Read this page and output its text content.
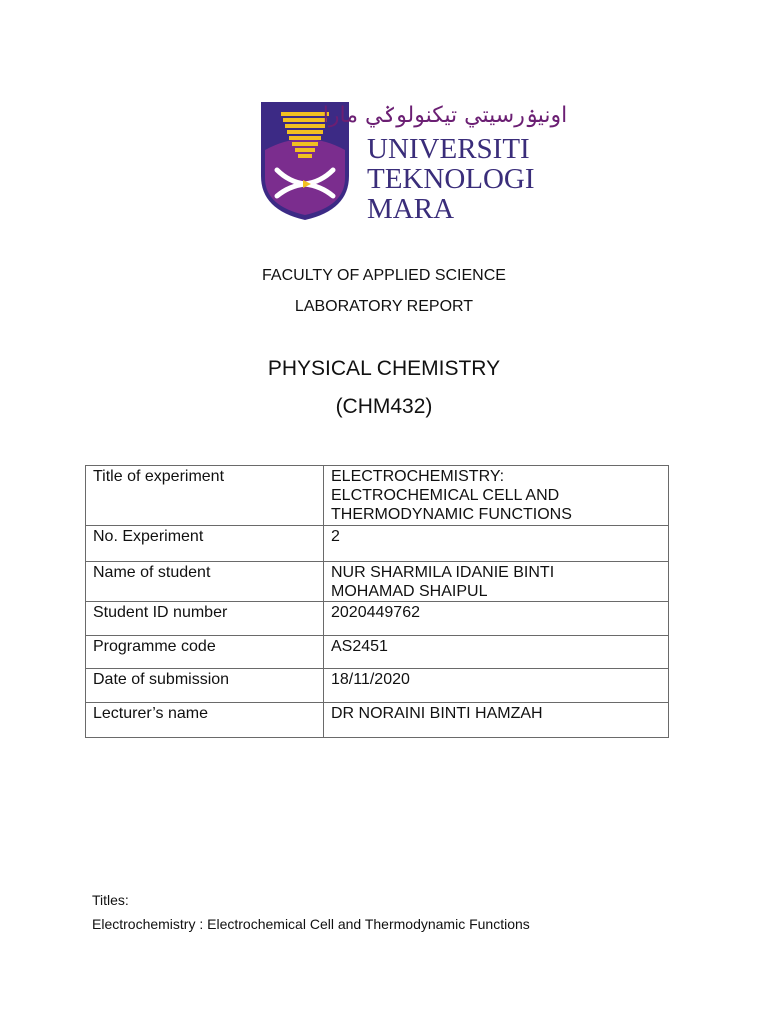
اونيۏرسيتي تيكنولوݢي مارا
UNIVERSITI
TEKNOLOGI
MARA
FACULTY OF APPLIED SCIENCE
LABORATORY REPORT
PHYSICAL CHEMISTRY
(CHM432)
Title of experiment	ELECTROCHEMISTRY:
ELCTROCHEMICAL CELL AND
THERMODYNAMIC FUNCTIONS

No. Experiment	2

Name of student	NUR SHARMILA IDANIE BINTI
MOHAMAD SHAIPUL

Student ID number	2020449762

Programme code	AS2451

Date of submission	18/11/2020

Lecturer’s name	DR NORAINI BINTI HAMZAH
Titles:
Electrochemistry : Electrochemical Cell and Thermodynamic Functions
